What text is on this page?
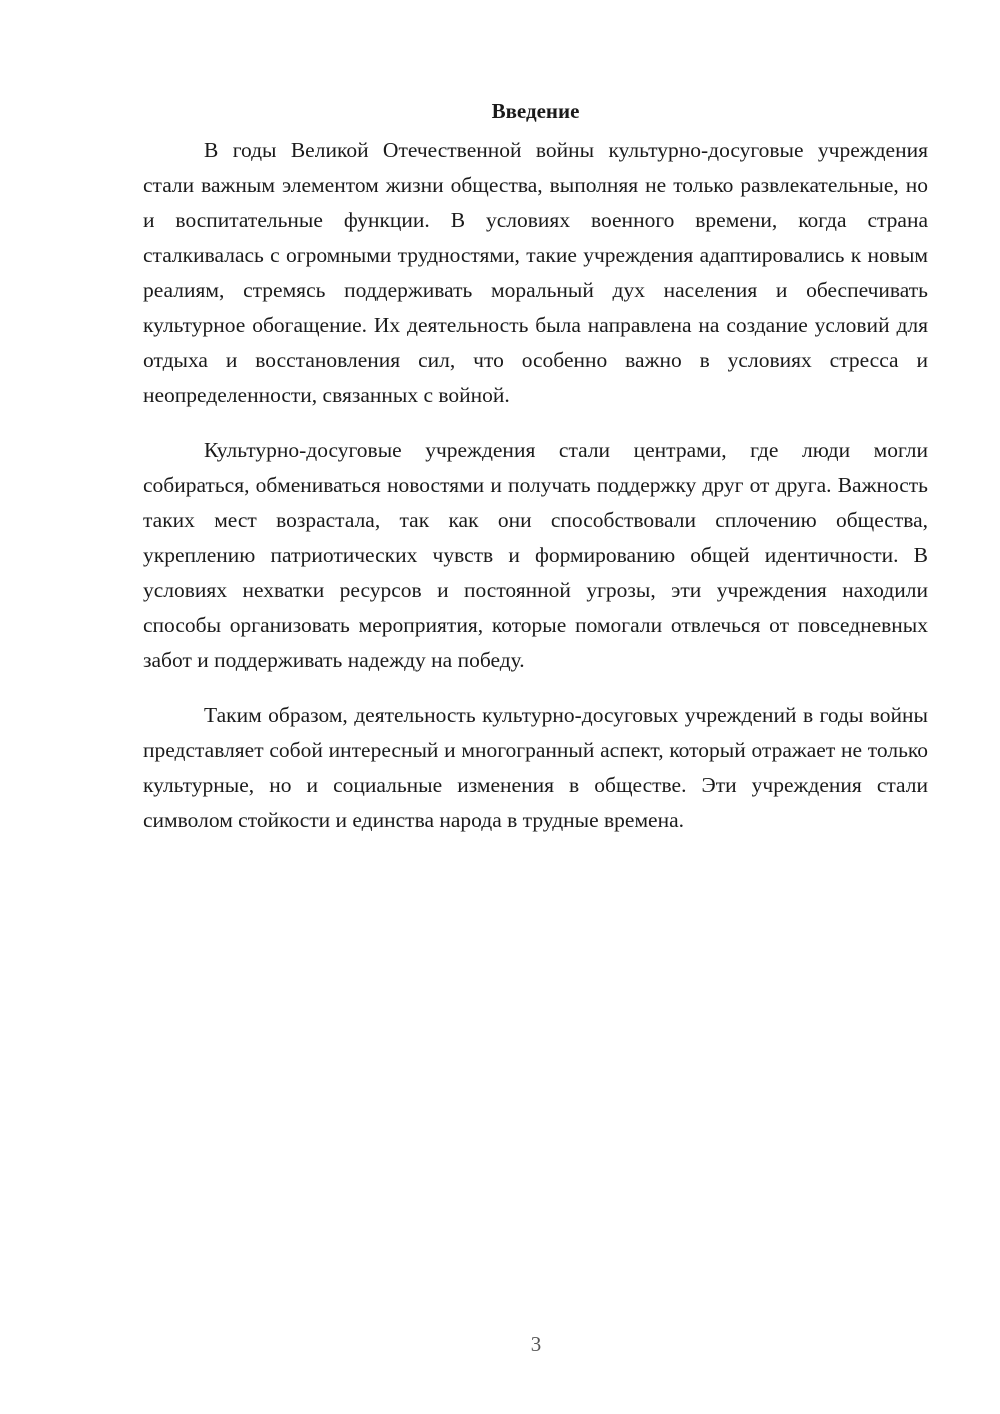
Введение

В годы Великой Отечественной войны культурно-досуговые учреждения стали важным элементом жизни общества, выполняя не только развлекательные, но и воспитательные функции. В условиях военного времени, когда страна сталкивалась с огромными трудностями, такие учреждения адаптировались к новым реалиям, стремясь поддерживать моральный дух населения и обеспечивать культурное обогащение. Их деятельность была направлена на создание условий для отдыха и восстановления сил, что особенно важно в условиях стресса и неопределенности, связанных с войной.

Культурно-досуговые учреждения стали центрами, где люди могли собираться, обмениваться новостями и получать поддержку друг от друга. Важность таких мест возрастала, так как они способствовали сплочению общества, укреплению патриотических чувств и формированию общей идентичности. В условиях нехватки ресурсов и постоянной угрозы, эти учреждения находили способы организовать мероприятия, которые помогали отвлечься от повседневных забот и поддерживать надежду на победу.

Таким образом, деятельность культурно-досуговых учреждений в годы войны представляет собой интересный и многогранный аспект, который отражает не только культурные, но и социальные изменения в обществе. Эти учреждения стали символом стойкости и единства народа в трудные времена.

3
